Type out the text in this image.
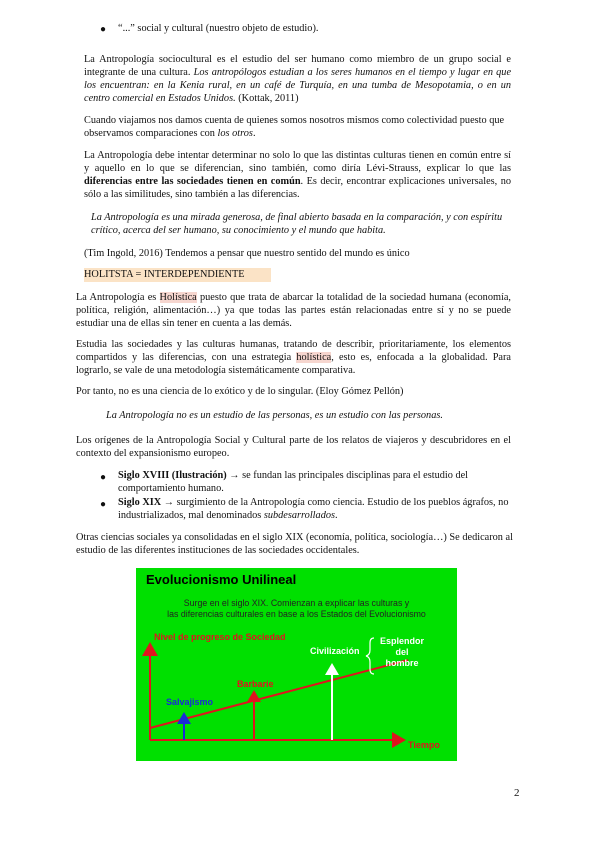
● “...” social y cultural (nuestro objeto de estudio).
La Antropología sociocultural es el estudio del ser humano como miembro de un grupo social e integrante de una cultura. Los antropólogos estudian a los seres humanos en el tiempo y lugar en que los encuentran: en la Kenia rural, en un café de Turquía, en una tumba de Mesopotamia, o en un centro comercial en Estados Unidos. (Kottak, 2011)
Cuando viajamos nos damos cuenta de quienes somos nosotros mismos como colectividad puesto que observamos comparaciones con los otros.
La Antropología debe intentar determinar no solo lo que las distintas culturas tienen en común entre sí y aquello en lo que se diferencian, sino también, como diría Lévi-Strauss, explicar lo que las diferencias entre las sociedades tienen en común. Es decir, encontrar explicaciones universales, no sólo a las similitudes, sino también a las diferencias.
La Antropología es una mirada generosa, de final abierto basada en la comparación, y con espíritu crítico, acerca del ser humano, su conocimiento y el mundo que habita.
(Tim Ingold, 2016) Tendemos a pensar que nuestro sentido del mundo es único
HOLITSTA = INTERDEPENDIENTE
La Antropología es Holística puesto que trata de abarcar la totalidad de la sociedad humana (economía, política, religión, alimentación…) ya que todas las partes están relacionadas entre sí y no se puede estudiar una de ellas sin tener en cuenta a las demás.
Estudia las sociedades y las culturas humanas, tratando de describir, prioritariamente, los elementos compartidos y las diferencias, con una estrategia holística, esto es, enfocada a la globalidad. Para lograrlo, se vale de una metodología sistemáticamente comparativa.
Por tanto, no es una ciencia de lo exótico y de lo singular. (Eloy Gómez Pellón)
La Antropología no es un estudio de las personas, es un estudio con las personas.
Los orígenes de la Antropología Social y Cultural parte de los relatos de viajeros y descubridores en el contexto del expansionismo europeo.
● Siglo XVIII (Ilustración) → se fundan las principales disciplinas para el estudio del comportamiento humano.
● Siglo XIX → surgimiento de la Antropología como ciencia. Estudio de los pueblos ágrafos, no industrializados, mal denominados subdesarrollados.
Otras ciencias sociales ya consolidadas en el siglo XIX (economía, política, sociología…) Se dedicaron al estudio de las diferentes instituciones de las sociedades occidentales.
Evolucionismo Unilineal
Surge en el siglo XIX. Comienzan a explicar las culturas y
las diferencias culturales en base a los Estados del Evolucionismo
Nivel de progreso de Sociedad
Tiempo
Salvajismo
Barbarie
Civilización
Esplendor
del
hombre
2
